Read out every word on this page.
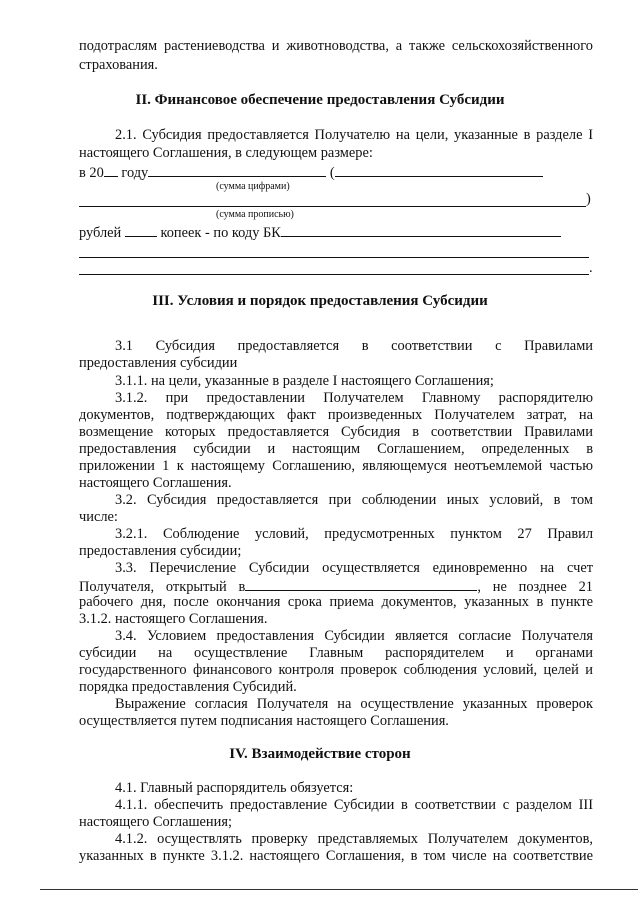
подотраслям растениеводства и животноводства, а также сельскохозяйственного
страхования.
II. Финансовое обеспечение предоставления Субсидии
2.1. Субсидия предоставляется Получателю на цели, указанные в разделе I
настоящего Соглашения, в следующем размере:
в 20 году	(
(сумма цифрами)
)
(сумма прописью)
рублей	копеек - по коду БК
.
III. Условия и порядок предоставления Субсидии
3.1 Субсидия предоставляется в соответствии с Правилами
предоставления субсидии
3.1.1. на цели, указанные в разделе I настоящего Соглашения;
3.1.2. при предоставлении Получателем Главному распорядителю
документов, подтверждающих факт произведенных Получателем затрат, на
возмещение которых предоставляется Субсидия в соответствии Правилами
предоставления субсидии и настоящим Соглашением, определенных в
приложении 1 к настоящему Соглашению, являющемуся неотъемлемой частью
настоящего Соглашения.
3.2. Субсидия предоставляется при соблюдении иных условий, в том
числе:
3.2.1. Соблюдение условий, предусмотренных пунктом 27 Правил
предоставления субсидии;
3.3. Перечисление Субсидии осуществляется единовременно на счет
Получателя, открытый в	, не позднее 21
рабочего дня, после окончания срока приема документов, указанных в пункте
3.1.2. настоящего Соглашения.
3.4. Условием предоставления Субсидии является согласие Получателя
субсидии на осуществление Главным распорядителем и органами
государственного финансового контроля проверок соблюдения условий, целей и
порядка предоставления Субсидий.
Выражение согласия Получателя на осуществление указанных проверок
осуществляется путем подписания настоящего Соглашения.
IV. Взаимодействие сторон
4.1. Главный распорядитель обязуется:
4.1.1. обеспечить предоставление Субсидии в соответствии с разделом III
настоящего Соглашения;
4.1.2. осуществлять проверку представляемых Получателем документов,
указанных в пункте 3.1.2. настоящего Соглашения, в том числе на соответствие
